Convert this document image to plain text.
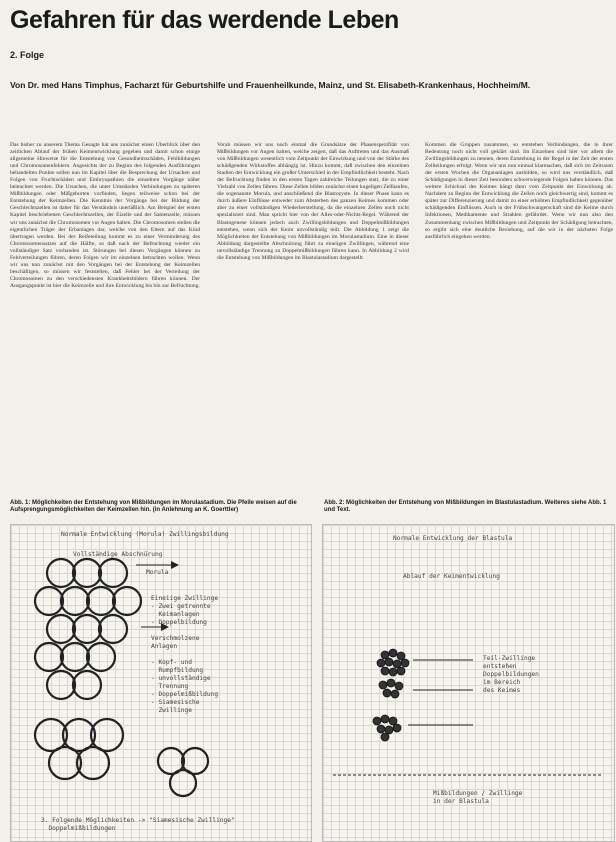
Gefahren für das werdende Leben
2. Folge
Von Dr. med Hans Timphus, Facharzt für Geburtshilfe und Frauenheilkunde, Mainz, und St. Elisabeth-Krankenhaus, Hochheim/M.
Das bisher zu unserem Thema Gesagte hat uns zunächst einen Überblick über den zeitlichen Ablauf der frühen Keimentwicklung gegeben und damit schon einige allgemeine Hinweise für die Entstehung von Gesundheitsschäden, Fehlbildungen und Chromosomenfehlern. Angesichts der zu Beginn des folgenden Ausführungen behandelten Punkte sollen nun im Kapitel über die Besprechung der Ursachen und Folgen von Fruchtschäden und Embryopathien die einzelnen Vorgänge näher beleuchtet werden. Die Ursachen, die unter Umständen Verbindungen zu späteren Mißbildungen oder Mißgeburten vorfinden, liegen teilweise schon bei der Entstehung der Keimzellen. Die Kenntnis der Vorgänge bei der Bildung der Geschlechtszellen ist daher für das Verständnis unerläßlich. Am Beispiel der ersten Kapitel beschriebenen Geschlechtszellen, der Eizelle und der Samenzelle, müssen wir uns zunächst die Chromosomen vor Augen halten. Die Chromosomen stellen die eigentlichen Träger der Erbanlagen dar, welche von den Eltern auf das Kind übertragen werden. Bei der Reifeteilung kommt es zu einer Verminderung des Chromosomensatzes auf die Hälfte, so daß nach der Befruchtung wieder ein vollständiger Satz vorhanden ist. Störungen bei diesen Vorgängen können zu Fehlverteilungen führen, deren Folgen wir im einzelnen betrachten wollen. Wenn wir uns nun zunächst mit den Vorgängen bei der Entstehung der Keimzellen beschäftigen, so müssen wir feststellen, daß Fehler bei der Verteilung der Chromosomen zu den verschiedensten Krankheitsbildern führen können. Der Ausgangspunkt ist hier die Keimzelle und ihre Entwicklung bis hin zur Befruchtung.
Vorab müssen wir uns noch einmal die Grundsätze der Phasenspezifität von Mißbildungen vor Augen halten, welche zeigen, daß das Auftreten und das Ausmaß von Mißbildungen wesentlich vom Zeitpunkt der Einwirkung und von der Stärke des schädigenden Wirkstoffes abhängig ist. Hinzu kommt, daß zwischen den einzelnen Stadien der Entwicklung ein großer Unterschied in der Empfindlichkeit besteht. Nach der Befruchtung finden in den ersten Tagen zahlreiche Teilungen statt, die zu einer Vielzahl von Zellen führen. Diese Zellen bilden zunächst einen kugeligen Zellhaufen, die sogenannte Morula, und anschließend die Blastozyste. In dieser Phase kann es durch äußere Einflüsse entweder zum Absterben des ganzen Keimes kommen oder aber zu einer vollständigen Wiederherstellung, da die einzelnen Zellen noch nicht spezialisiert sind. Man spricht hier von der Alles-oder-Nichts-Regel. Während der Blastogenese können jedoch auch Zwillingsbildungen und Doppelmißbildungen entstehen, wenn sich der Keim unvollständig teilt. Die Abbildung 1 zeigt die Möglichkeiten der Entstehung von Mißbildungen im Morulastadium. Eine in dieser Abbildung dargestellte Abschnürung führt zu eineiigen Zwillingen, während eine unvollständige Trennung zu Doppelmißbildungen führen kann. In Abbildung 2 wird die Entstehung von Mißbildungen im Blastulastadium dargestellt.
Kommen die Gruppen zusammen, so entstehen Verbindungen, die in ihrer Bedeutung noch nicht voll geklärt sind. Im Einzelnen sind hier vor allem die Zwillingsbildungen zu nennen, deren Entstehung in der Regel in der Zeit der ersten Zellteilungen erfolgt. Wenn wir uns nun einmal klarmachen, daß sich im Zeitraum der ersten Wochen die Organanlagen ausbilden, so wird uns verständlich, daß Schädigungen in dieser Zeit besonders schwerwiegende Folgen haben können. Das weitere Schicksal des Keimes hängt dann vom Zeitpunkt der Einwirkung ab. Nachdem zu Beginn der Entwicklung die Zellen noch gleichwertig sind, kommt es später zur Differenzierung und damit zu einer erhöhten Empfindlichkeit gegenüber schädigenden Einflüssen. Auch in der Frühschwangerschaft sind die Keime durch Infektionen, Medikamente und Strahlen gefährdet. Wenn wir nun also den Zusammenhang zwischen Mißbildungen und Zeitpunkt der Schädigung betrachten, so ergibt sich eine deutliche Beziehung, auf die wir in der nächsten Folge ausführlich eingehen werden.
Abb. 1: Möglichkeiten der Entstehung von Mißbildungen im Morulastadium. Die Pfeile weisen auf die Aufsprengungsmöglichkeiten der Keimzellen hin. (in Anlehnung an K. Goerttler)
Abb. 2: Möglichkeiten der Entstehung von Mißbildungen im Blastulastadium. Weiteres siehe Abb. 1 und Text.
Normale Entwicklung (Morula) Zwillingsbildung
Vollständige Abschnürung
Morula
Eineiige Zwillinge
- Zwei getrennte
Keimanlagen
- Doppelbildung

Verschmolzene
Anlagen

- Kopf- und
Rumpfbildung
- unvollständige
Trennung
- Doppelmißbildung
- Siamesische
Zwillinge
3. Folgende Möglichkeiten -> "Siamesische Zwillinge"
Doppelmißbildungen
Normale Entwicklung der Blastula
Ablauf der Keimentwicklung
Teil-Zwillinge
entstehen
Doppelbildungen
im Bereich
des Keimes
Mißbildungen / Zwillinge
in der Blastula
